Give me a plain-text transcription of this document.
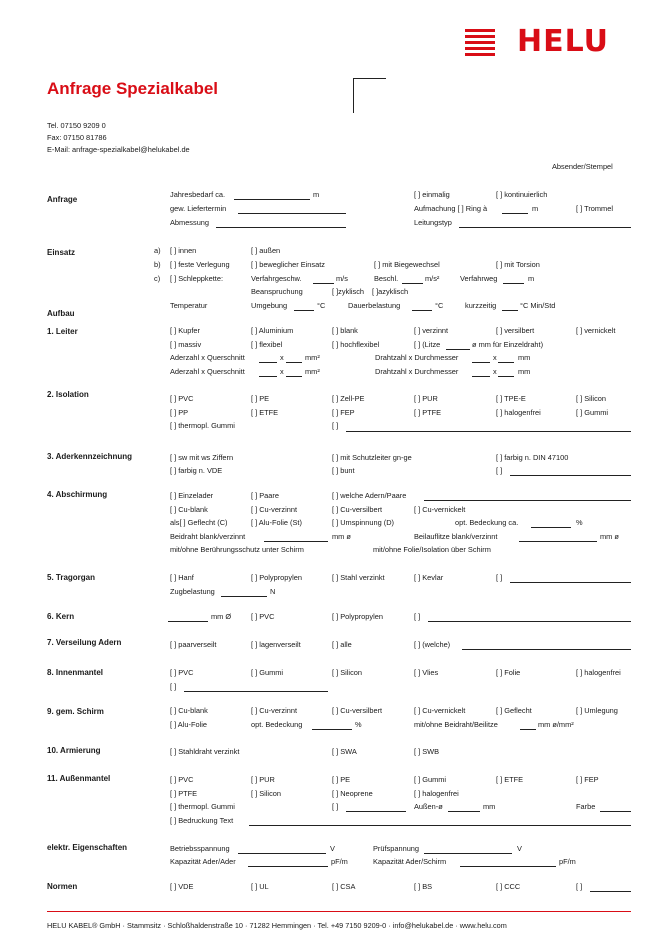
HELU
Anfrage Spezialkabel
Tel. 07150 9209 0
Fax: 07150 81786
E-Mail: anfrage-spezialkabel@helukabel.de
Absender/Stempel
Anfrage
Jahresbedarf ca.	m	[ ] einmalig	[ ] kontinuierlich
gew. Liefertermin	Aufmachung [ ] Ring à	m	[ ] Trommel
Abmessung	Leitungstyp
Einsatz	a) [ ] innen	[ ] außen
b) [ ] feste Verlegung	[ ] beweglicher Einsatz	[ ] mit Biegewechsel	[ ] mit Torsion
c) [ ] Schleppkette:	Verfahrgeschw.	m/s	Beschl.	m/s²	Verfahrweg	m
Beanspruchung	[ ]zyklisch [ ]azyklisch
Temperatur	Umgebung	°C	Dauerbelastung	°C	kurzzeitig	°C Min/Std
Aufbau
1. Leiter	[ ] Kupfer	[ ] Aluminium	[ ] blank	[ ] verzinnt	[ ] versilbert	[ ] vernickelt
[ ] massiv	[ ] flexibel	[ ] hochflexibel	[ ] (Litze	ø mm für Einzeldraht)
Aderzahl x Querschnitt	x	mm²	Drahtzahl x Durchmesser	x	mm
Aderzahl x Querschnitt	x	mm²	Drahtzahl x Durchmesser	x	mm
2. Isolation	[ ] PVC	[ ] PE	[ ] Zell-PE	[ ] PUR	[ ] TPE-E	[ ] Silicon
[ ] PP	[ ] ETFE	[ ] FEP	[ ] PTFE	[ ] halogenfrei	[ ] Gummi
[ ] thermopl. Gummi	[ ]
3. Aderkennzeichnung	[ ] sw mit ws Ziffern	[ ] mit Schutzleiter gn-ge	[ ] farbig n. DIN 47100
[ ] farbig n. VDE	[ ] bunt	[ ]
4. Abschirmung	[ ] Einzelader	[ ] Paare	[ ] welche Adern/Paare
[ ] Cu-blank	[ ] Cu-verzinnt	[ ] Cu-versilbert	[ ] Cu-vernickelt
als[ ] Geflecht (C)	[ ] Alu-Folie (St)	[ ] Umspinnung (D)	opt. Bedeckung ca.	%
Beidraht blank/verzinnt	mm ø	Beilauflitze blank/verzinnt	mm ø
mit/ohne Berührungsschutz unter Schirm	mit/ohne Folie/Isolation über Schirm
5. Tragorgan	[ ] Hanf	[ ] Polypropylen	[ ] Stahl verzinkt	[ ] Kevlar	[ ]
Zugbelastung	N
6. Kern	mm Ø	[ ] PVC	[ ] Polypropylen	[ ]
7. Verseilung Adern	[ ] paarverseilt	[ ] lagenverseilt	[ ] alle	[ ] (welche)
8. Innenmantel	[ ] PVC	[ ] Gummi	[ ] Silicon	[ ] Vlies	[ ] Folie	[ ] halogenfrei
[ ]
9. gem. Schirm	[ ] Cu-blank	[ ] Cu-verzinnt	[ ] Cu-versilbert	[ ] Cu-vernickelt	[ ] Geflecht	[ ] Umlegung
[ ] Alu-Folie	opt. Bedeckung	%	mit/ohne Beidraht/Beilitze	mm ø/mm²
10. Armierung	[ ] Stahldraht verzinkt	[ ] SWA	[ ] SWB
11. Außenmantel	[ ] PVC	[ ] PUR	[ ] PE	[ ] Gummi	[ ] ETFE	[ ] FEP
[ ] PTFE	[ ] Silicon	[ ] Neoprene	[ ] halogenfrei
[ ] thermopl. Gummi	[ ]	Außen-ø	mm	Farbe
[ ] Bedruckung Text
elektr. Eigenschaften	Betriebsspannung	V	Prüfspannung	V
Kapazität Ader/Ader	pF/m	Kapazität Ader/Schirm	pF/m
Normen	[ ] VDE	[ ] UL	[ ] CSA	[ ] BS	[ ] CCC	[ ]
HELU KABEL® GmbH · Stammsitz · Schloßhaldenstraße 10 · 71282 Hemmingen · Tel. +49 7150 9209-0 · info@helukabel.de · www.helu.com
